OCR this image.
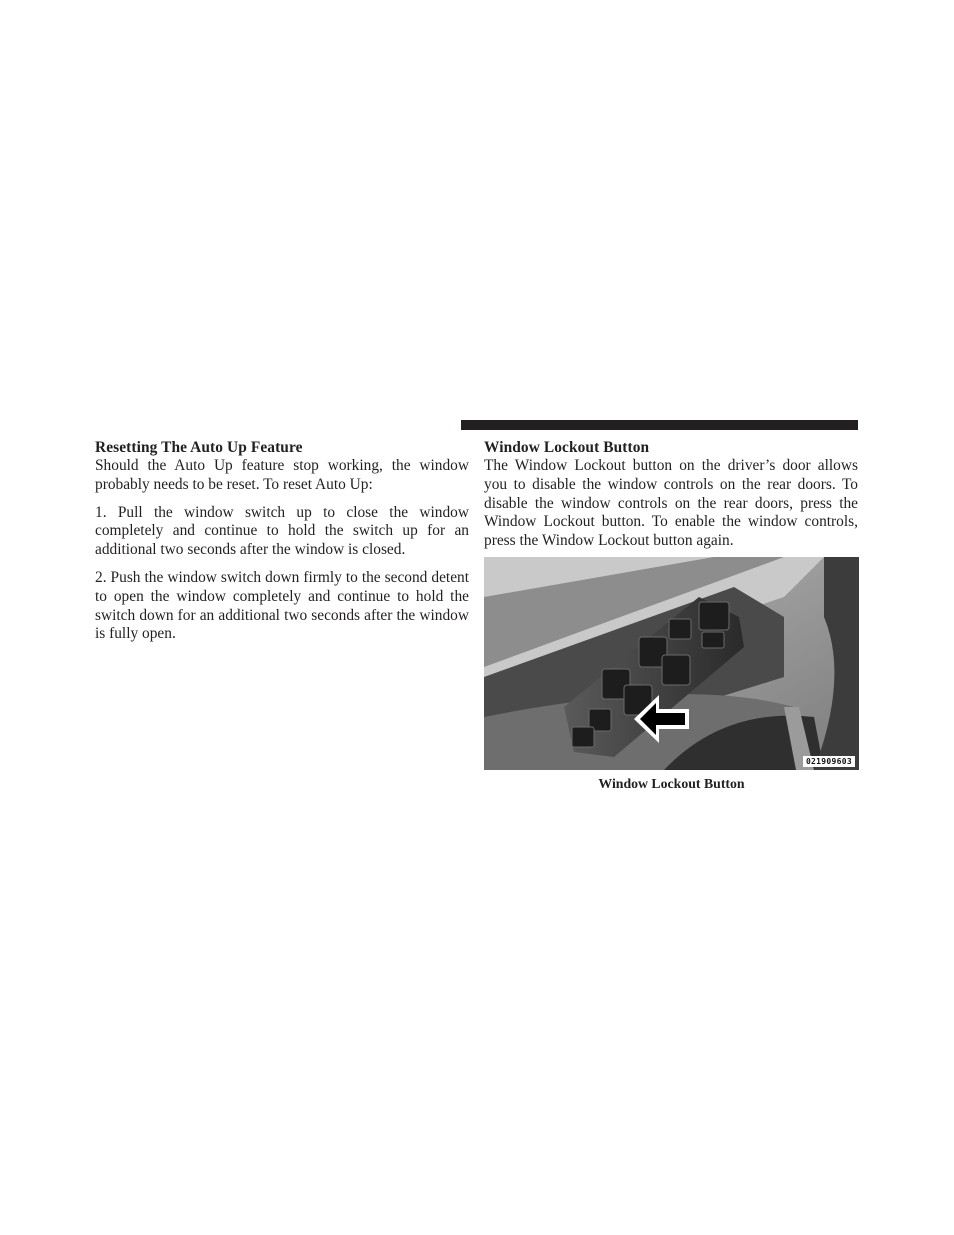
Resetting The Auto Up Feature

Should the Auto Up feature stop working, the window probably needs to be reset. To reset Auto Up:

1. Pull the window switch up to close the window completely and continue to hold the switch up for an additional two seconds after the window is closed.

2. Push the window switch down firmly to the second detent to open the window completely and continue to hold the switch down for an additional two seconds after the window is fully open.

Window Lockout Button

The Window Lockout button on the driver’s door allows you to disable the window controls on the rear doors. To disable the window controls on the rear doors, press the Window Lockout button. To enable the window controls, press the Window Lockout button again.

021909603
Window Lockout Button
